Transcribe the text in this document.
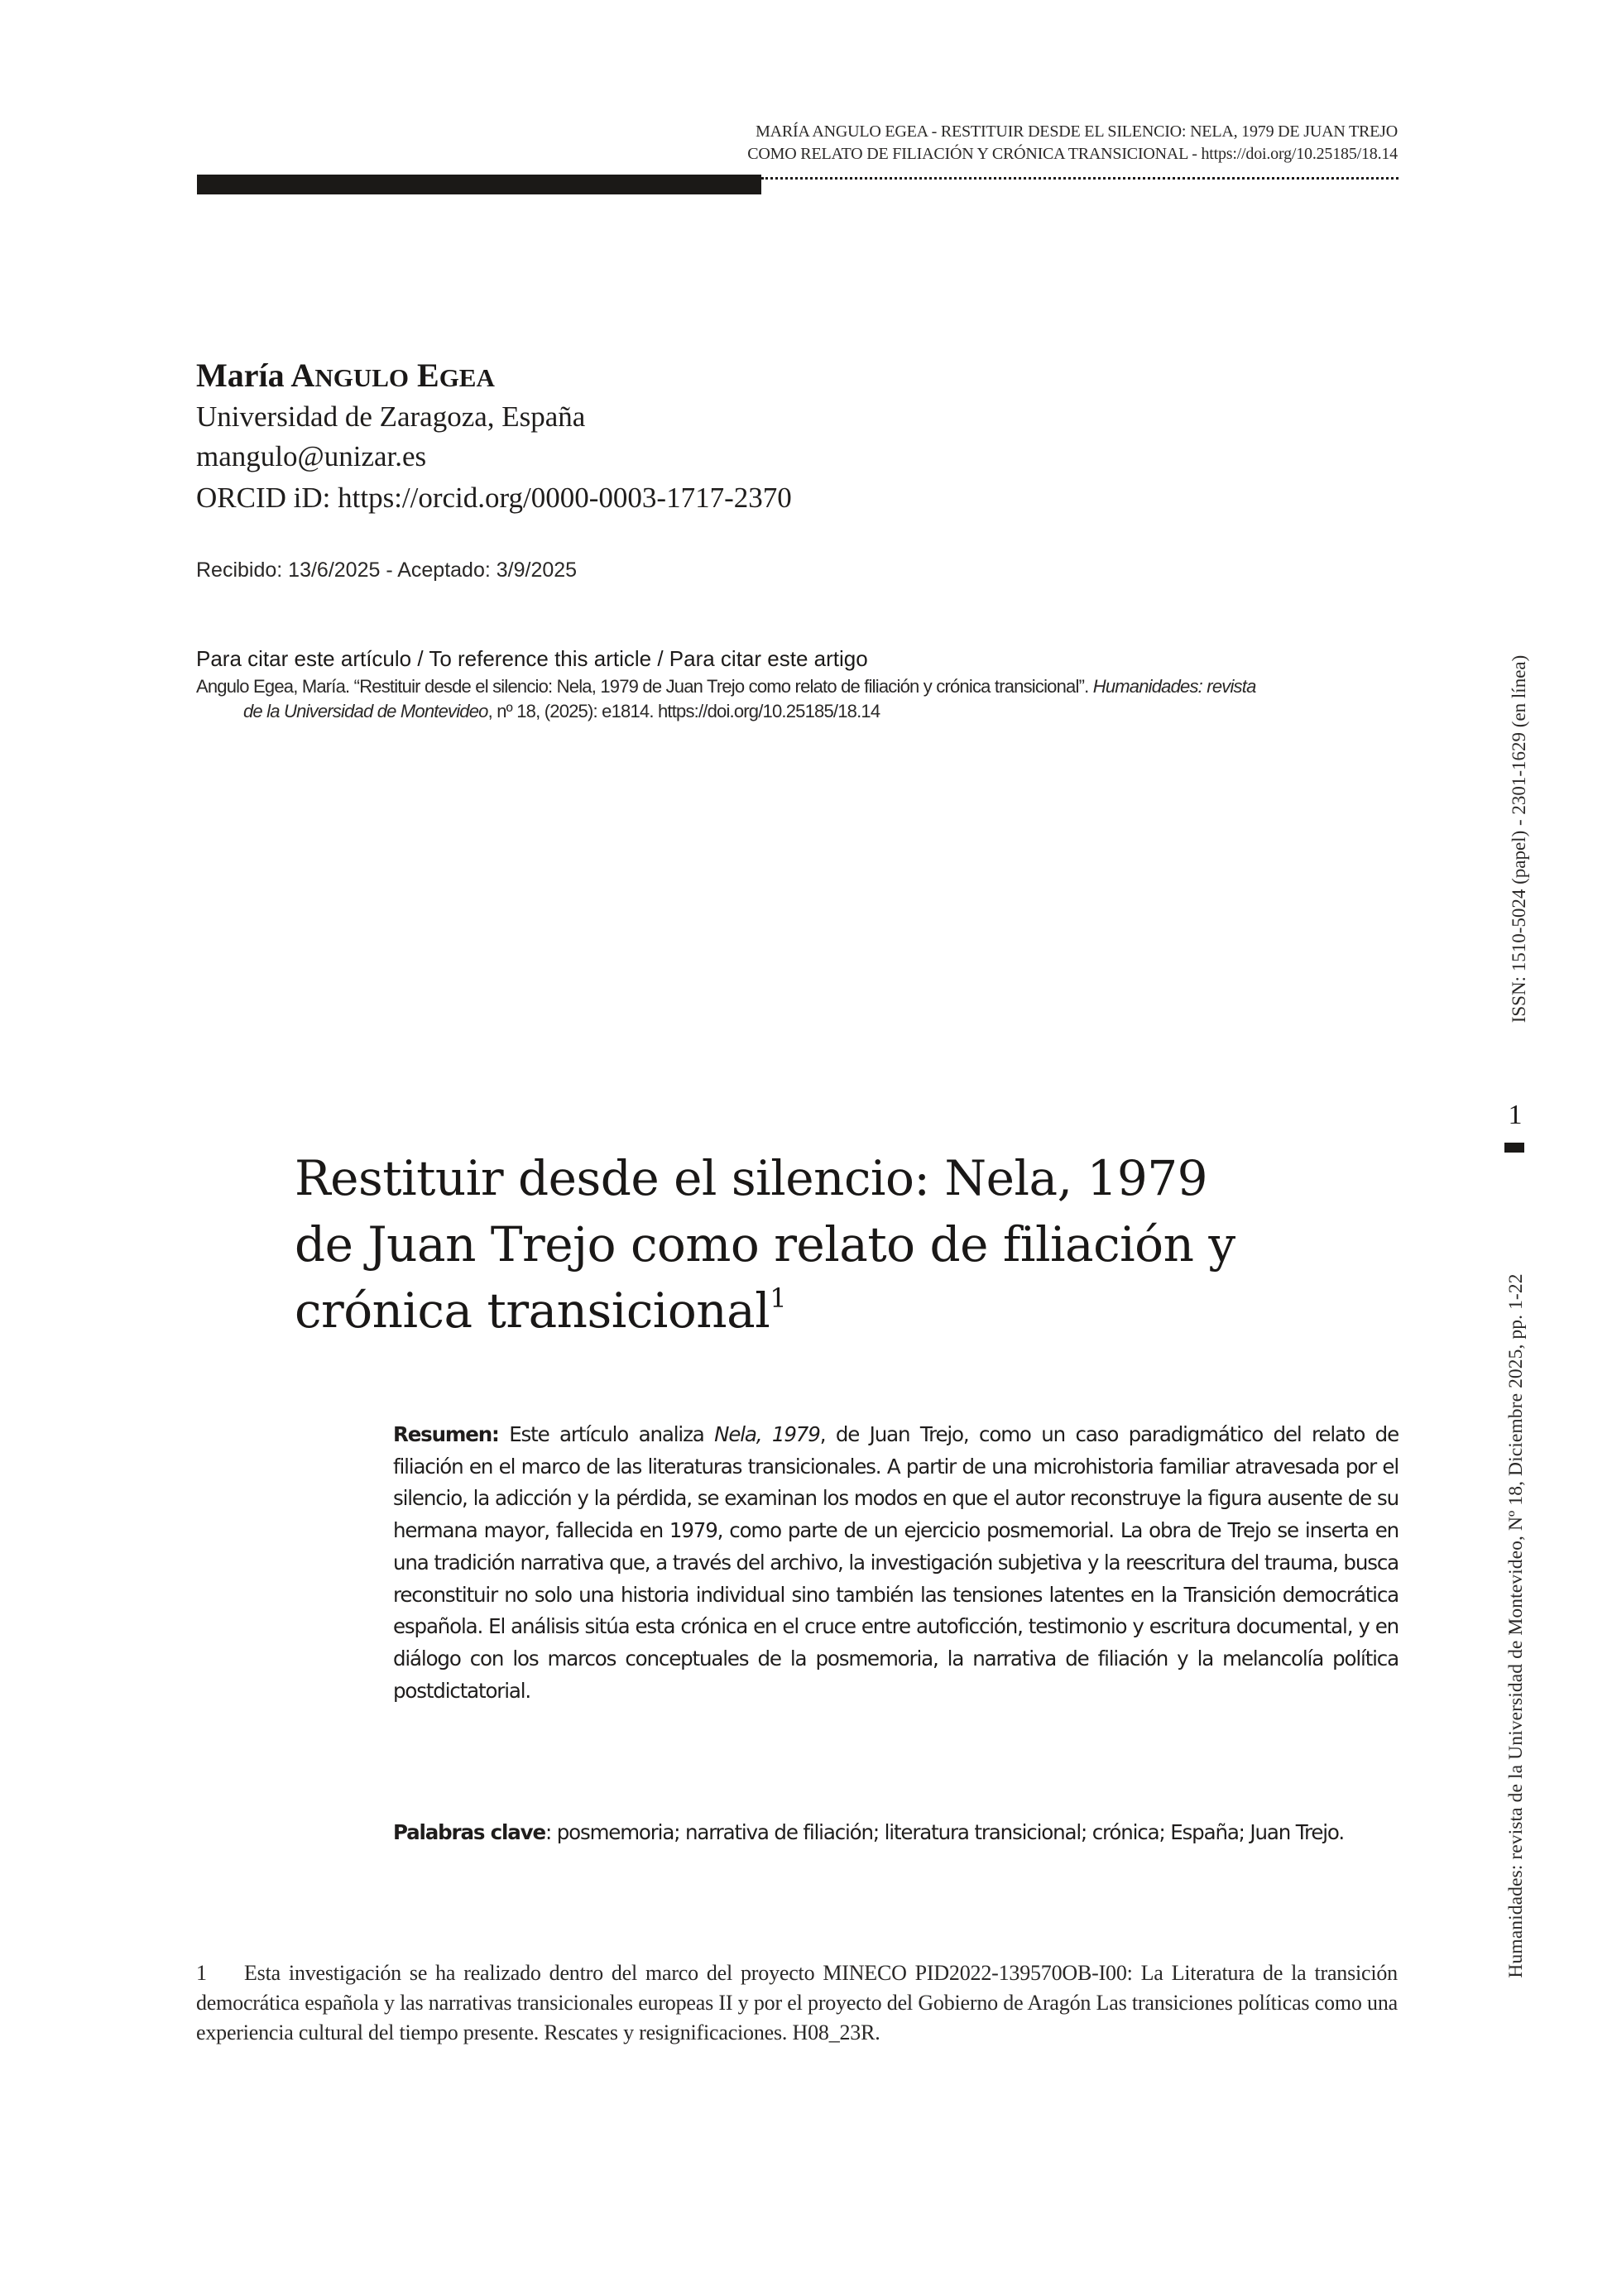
MARÍA ANGULO EGEA - RESTITUIR DESDE EL SILENCIO: NELA, 1979 DE JUAN TREJO
COMO RELATO DE FILIACIÓN Y CRÓNICA TRANSICIONAL - https://doi.org/10.25185/18.14
María ANGULO EGEA
Universidad de Zaragoza, España
mangulo@unizar.es
ORCID iD: https://orcid.org/0000-0003-1717-2370
Recibido: 13/6/2025 - Aceptado: 3/9/2025
Para citar este artículo / To reference this article / Para citar este artigo
Angulo Egea, María. “Restituir desde el silencio: Nela, 1979 de Juan Trejo como relato de filiación y crónica transicional”. Humanidades: revista
de la Universidad de Montevideo, nº 18, (2025): e1814. https://doi.org/10.25185/18.14
Restituir desde el silencio: Nela, 1979
de Juan Trejo como relato de filiación y
crónica transicional$^1$
Resumen: Este artículo analiza Nela, 1979, de Juan Trejo, como un caso paradigmático del relato de filiación en el marco de las literaturas transicionales. A partir de una microhistoria familiar atravesada por el silencio, la adicción y la pérdida, se examinan los modos en que el autor reconstruye la figura ausente de su hermana mayor, fallecida en 1979, como parte de un ejercicio posmemorial. La obra de Trejo se inserta en una tradición narrativa que, a través del archivo, la investigación subjetiva y la reescritura del trauma, busca reconstituir no solo una historia individual sino también las tensiones latentes en la Transición democrática española. El análisis sitúa esta crónica en el cruce entre autoficción, testimonio y escritura documental, y en diálogo con los marcos conceptuales de la posmemoria, la narrativa de filiación y la melancolía política postdictatorial.
Palabras clave: posmemoria; narrativa de filiación; literatura transicional; crónica; España; Juan Trejo.
1 Esta investigación se ha realizado dentro del marco del proyecto MINECO PID2022-139570OB-I00: La Literatura de la transición democrática española y las narrativas transicionales europeas II y por el proyecto del Gobierno de Aragón Las transiciones políticas como una experiencia cultural del tiempo presente. Rescates y resignificaciones. H08_23R.
ISSN: 1510-5024 (papel) - 2301-1629 (en línea)
1
Humanidades: revista de la Universidad de Montevideo, Nº 18, Diciembre 2025, pp. 1-22
